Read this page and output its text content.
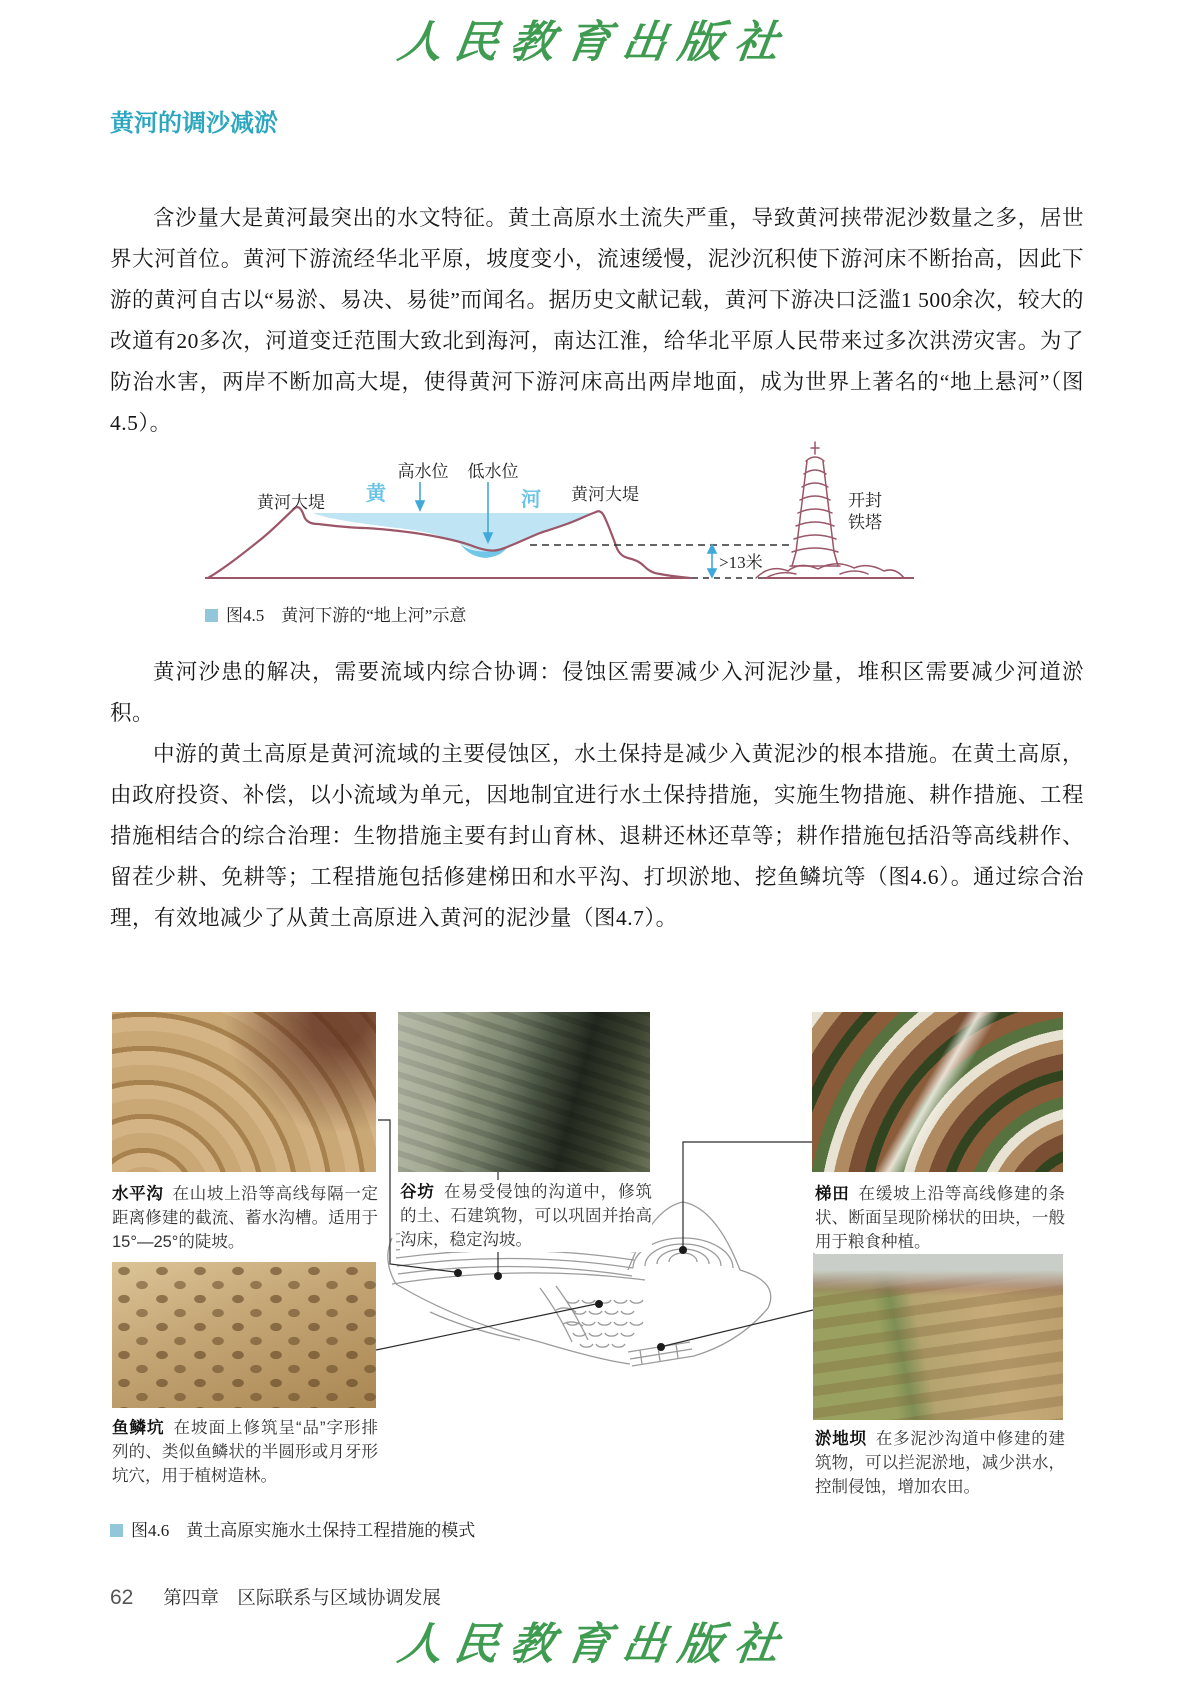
人民教育出版社
黄河的调沙减淤

含沙量大是黄河最突出的水文特征。黄土高原水土流失严重，导致黄河挟带泥沙数量之多，居世界大河首位。黄河下游流经华北平原，坡度变小，流速缓慢，泥沙沉积使下游河床不断抬高，因此下游的黄河自古以“易淤、易决、易徙”而闻名。据历史文献记载，黄河下游决口泛滥1 500余次，较大的改道有20多次，河道变迁范围大致北到海河，南达江淮，给华北平原人民带来过多次洪涝灾害。为了防治水害，两岸不断加高大堤，使得黄河下游河床高出两岸地面，成为世界上著名的“地上悬河”（图4.5）。

黄河大堤
高水位 低水位
黄	河 黄河大堤
>13米
开封
铁塔
图4.5　黄河下游的“地上河”示意

黄河沙患的解决，需要流域内综合协调：侵蚀区需要减少入河泥沙量，堆积区需要减少河道淤积。

中游的黄土高原是黄河流域的主要侵蚀区，水土保持是减少入黄泥沙的根本措施。在黄土高原，由政府投资、补偿，以小流域为单元，因地制宜进行水土保持措施，实施生物措施、耕作措施、工程措施相结合的综合治理：生物措施主要有封山育林、退耕还林还草等；耕作措施包括沿等高线耕作、留茬少耕、免耕等；工程措施包括修建梯田和水平沟、打坝淤地、挖鱼鳞坑等（图4.6）。通过综合治理，有效地减少了从黄土高原进入黄河的泥沙量（图4.7）。

水平沟 在山坡上沿等高线每隔一定距离修建的截流、蓄水沟槽。适用于15°—25°的陡坡。
谷坊 在易受侵蚀的沟道中，修筑的土、石建筑物，可以巩固并抬高沟床，稳定沟坡。
梯田 在缓坡上沿等高线修建的条状、断面呈现阶梯状的田块，一般用于粮食种植。
鱼鳞坑 在坡面上修筑呈“品”字形排列的、类似鱼鳞状的半圆形或月牙形坑穴，用于植树造林。
淤地坝 在多泥沙沟道中修建的建筑物，可以拦泥淤地，减少洪水，控制侵蚀，增加农田。
图4.6　黄土高原实施水土保持工程措施的模式
62 第四章　区际联系与区域协调发展
人民教育出版社
